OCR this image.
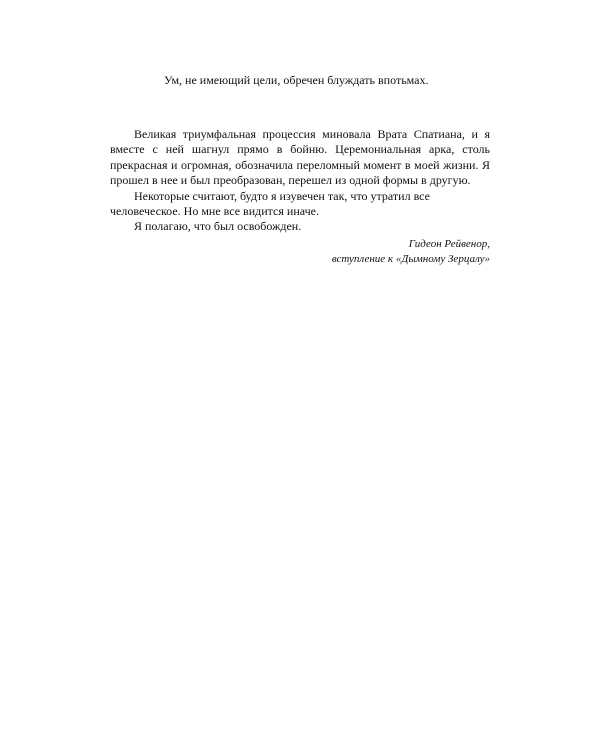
Ум, не имеющий цели, обречен блуждать впотьмах.

Великая триумфальная процессия миновала Врата Спатиана, и я вместе с ней шагнул прямо в бойню. Церемониальная арка, столь прекрасная и огромная, обозначила переломный момент в моей жизни. Я прошел в нее и был преобразован, перешел из одной формы в другую.

Некоторые считают, будто я изувечен так, что утратил все человеческое. Но мне все видится иначе.

Я полагаю, что был освобожден.

Гидеон Рейвенор,
вступление к «Дымному Зерцалу»
